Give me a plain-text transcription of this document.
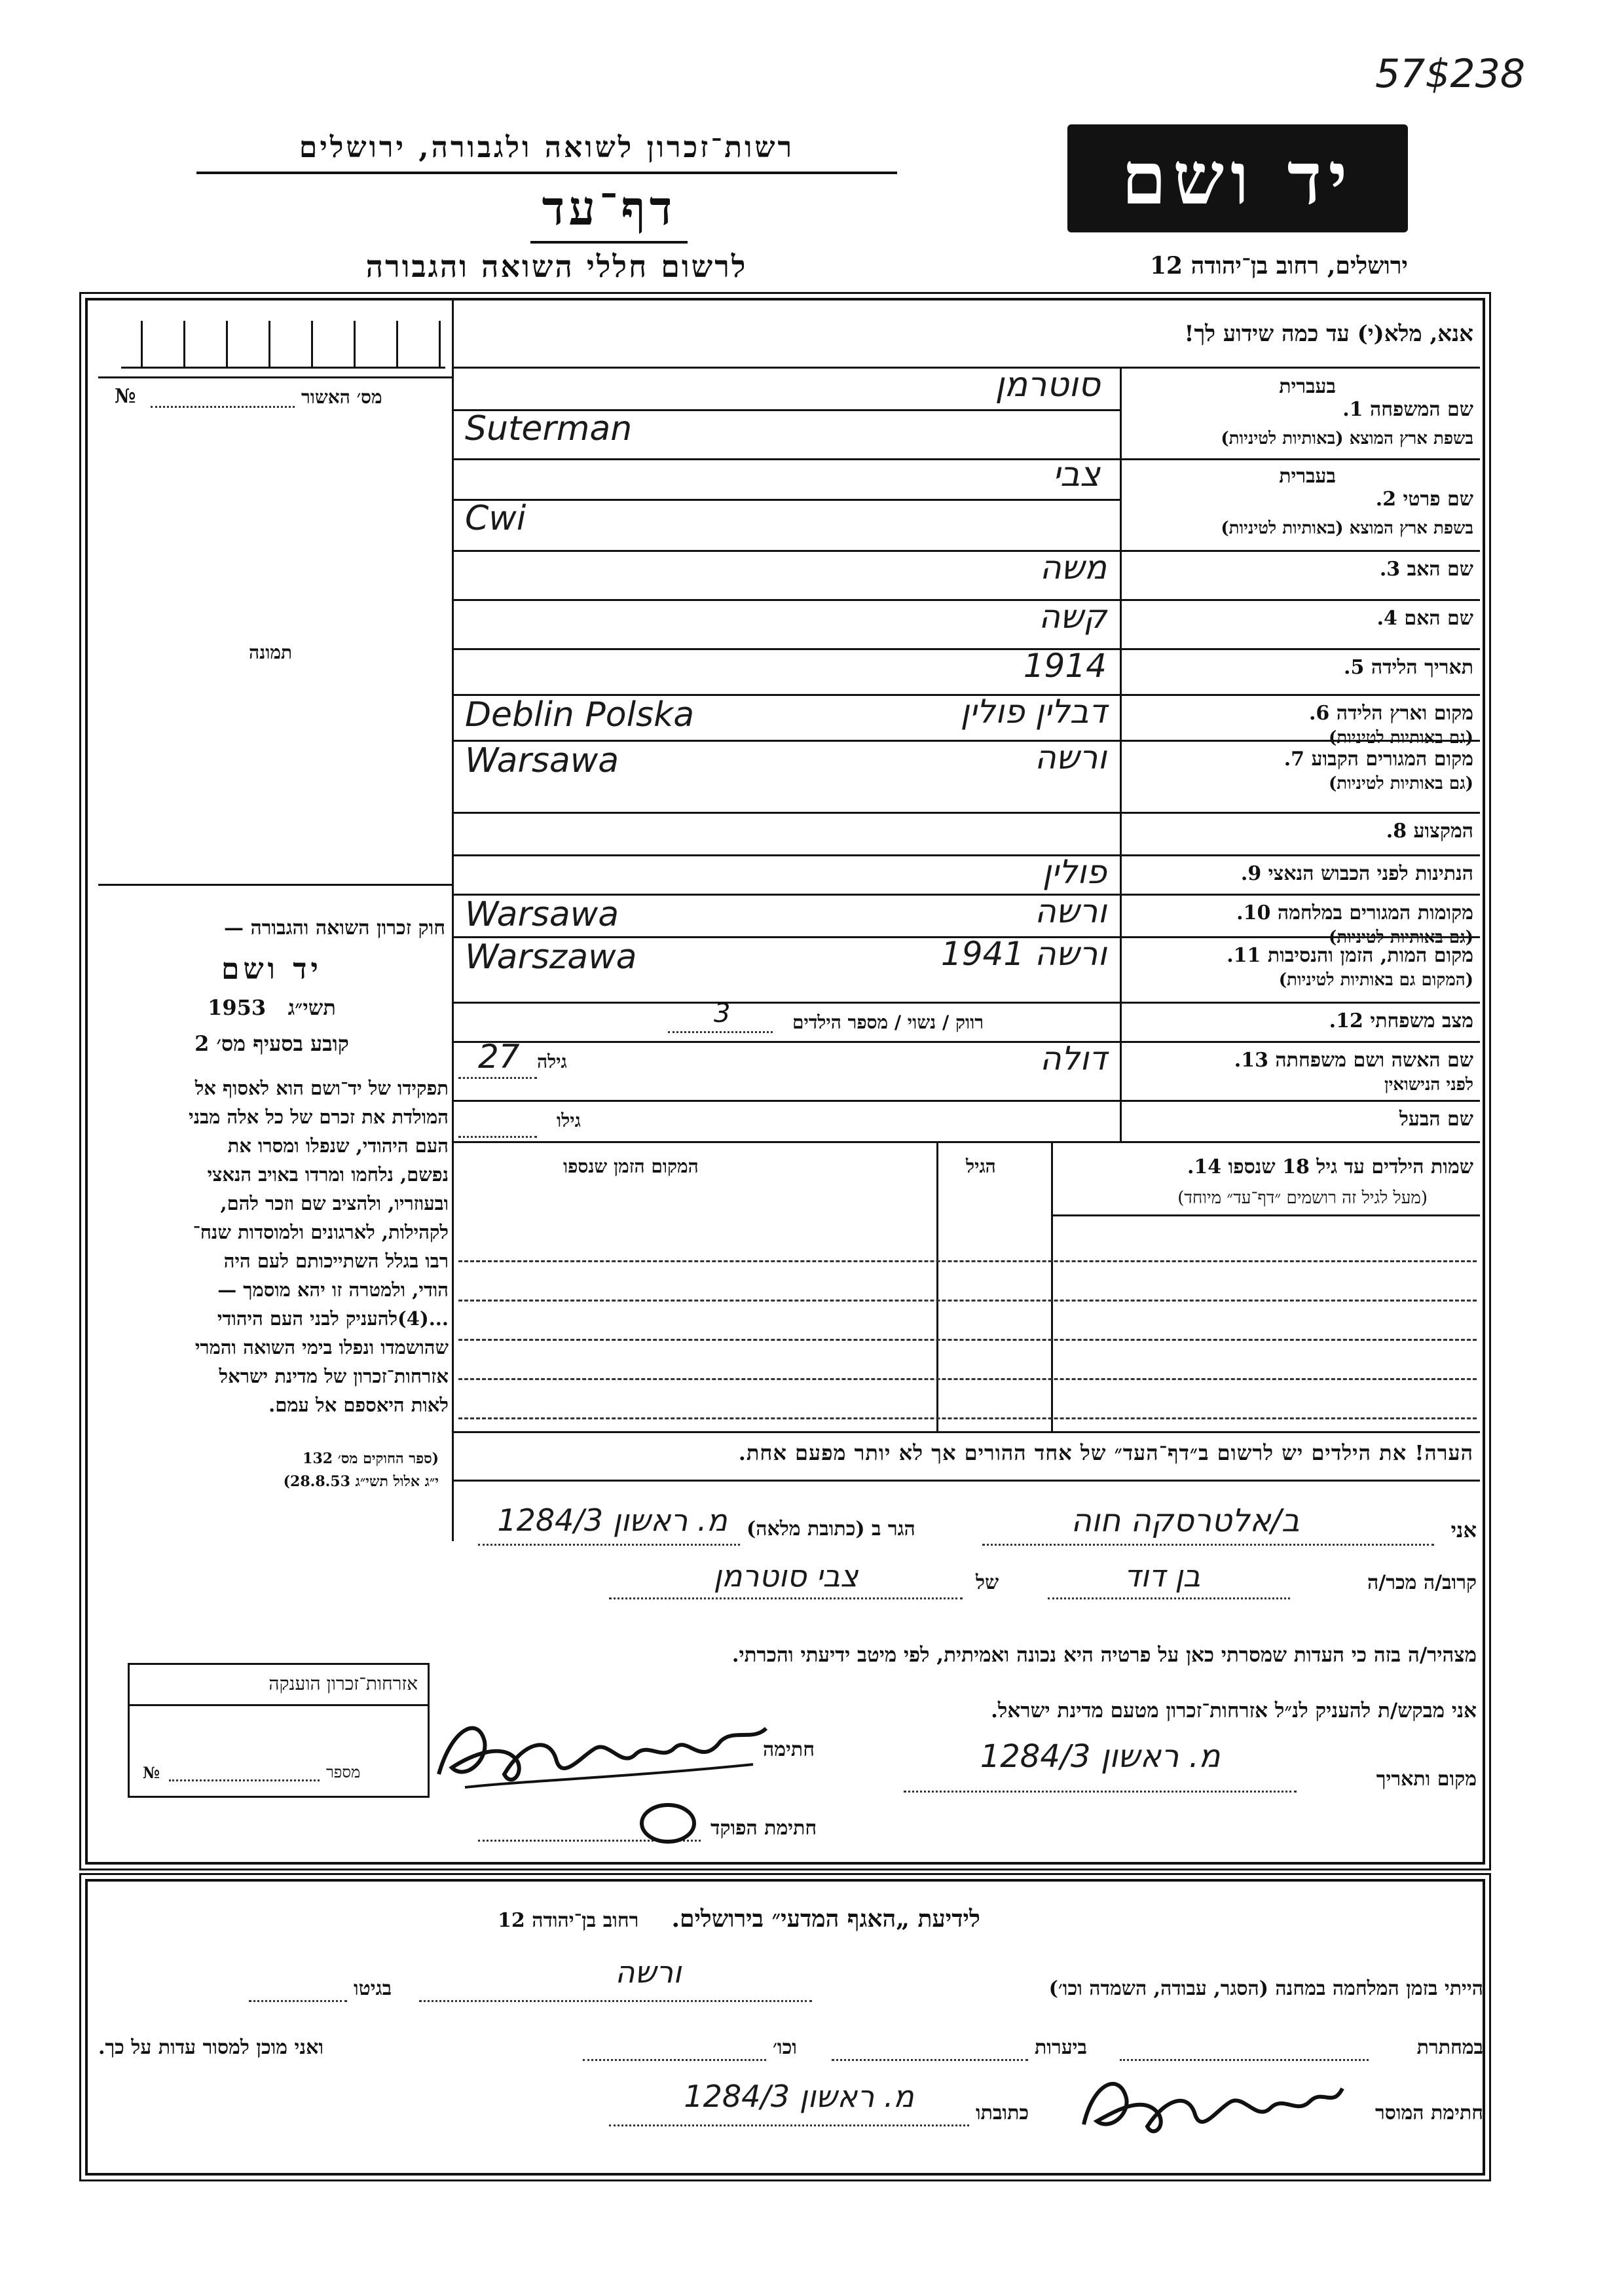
57$238
רשות־זכרון לשואה ולגבורה, ירושלים
דף־עד
לרשום חללי השואה והגבורה
יד ושם
ירושלים, רחוב בן־יהודה 12
מס׳ האשור
№
תמונה
חוק זכרון השואה והגבורה —
יד ושם
1953 תשי״ג
קובע בסעיף מס׳ 2
תפקידו של יד־ושם הוא לאסוף אל
המולדת את זכרם של כל אלה מבני
העם היהודי, שנפלו ומסרו את
נפשם, נלחמו ומרדו באויב הנאצי
ובעוזריו, ולהציב שם וזכר להם,
לקהילות, לארגונים ולמוסדות שנח־
רבו בגלל השתייכותם לעם היה
הודי, ולמטרה זו יהא מוסמך —
...(4)להעניק לבני העם היהודי
שהושמדו ונפלו בימי השואה והמרי
אזרחות־זכרון של מדינת ישראל
לאות היאספם אל עמם.
(ספר החוקים מס׳ 132
י״ג אלול תשי״ג 28.8.53)
אנא, מלא(י) עד כמה שידוע לך!
שם המשפחה 1.
בעברית
בשפת ארץ המוצא (באותיות לטיניות)
סוטרמן
Suterman
שם פרטי 2.
בעברית
בשפת ארץ המוצא (באותיות לטיניות)
צבי
Cwi
שם האב 3.
משה
שם האם 4.
קשה
תאריך הלידה 5.
1914
מקום וארץ הלידה 6.
(גם באותיות לטיניות)
דבלין פולין
Deblin Polska
מקום המגורים הקבוע 7.
(גם באותיות לטיניות)
ורשה
Warsawa
המקצוע 8.
הנתינות לפני הכבוש הנאצי 9.
פולין
מקומות המגורים במלחמה 10.
(גם באותיות לטיניות)
ורשה
Warsawa
מקום המות, הזמן והנסיבות 11.
(המקום גם באותיות לטיניות)
ורשה 1941
Warszawa
מצב משפחתי 12.
רווק / נשוי / מספר הילדים
3
שם האשה ושם משפחתה 13.
לפני הנישואין
דולה
גילה
27
שם הבעל
גילו
שמות הילדים עד גיל 18 שנספו 14.
(מעל לגיל זה רושמים ״דף־עד״ מיוחד)
הגיל
המקום הזמן שנספו
הערה! את הילדים יש לרשום ב״דף־העד״ של אחד ההורים אך לא יותר מפעם אחת.
אני
ב/אלטרסקה חוה
הגר ב (כתובת מלאה)
מ. ראשון 1284/3
קרוב/ה מכר/ה
בן דוד
של
צבי סוטרמן
מצהיר/ה בזה כי העדות שמסרתי כאן על פרטיה היא נכונה ואמיתית, לפי מיטב ידיעתי והכרתי.
אני מבקש/ת להעניק לנ״ל אזרחות־זכרון מטעם מדינת ישראל.
אזרחות־זכרון הוענקה
מספר
№	מקום ותאריך
מ. ראשון 1284/3
חתימה
חתימת הפוקד
לידיעת „האגף המדעי״ בירושלים.    רחוב בן־יהודה 12
הייתי בזמן המלחמה במחנה (הסגר, עבודה, השמדה וכו׳)
ורשה
בגיטו
במחתרת
ביערות
וכו׳
ואני מוכן למסור עדות על כך.
חתימת המוסר
כתובתו
מ. ראשון 1284/3
